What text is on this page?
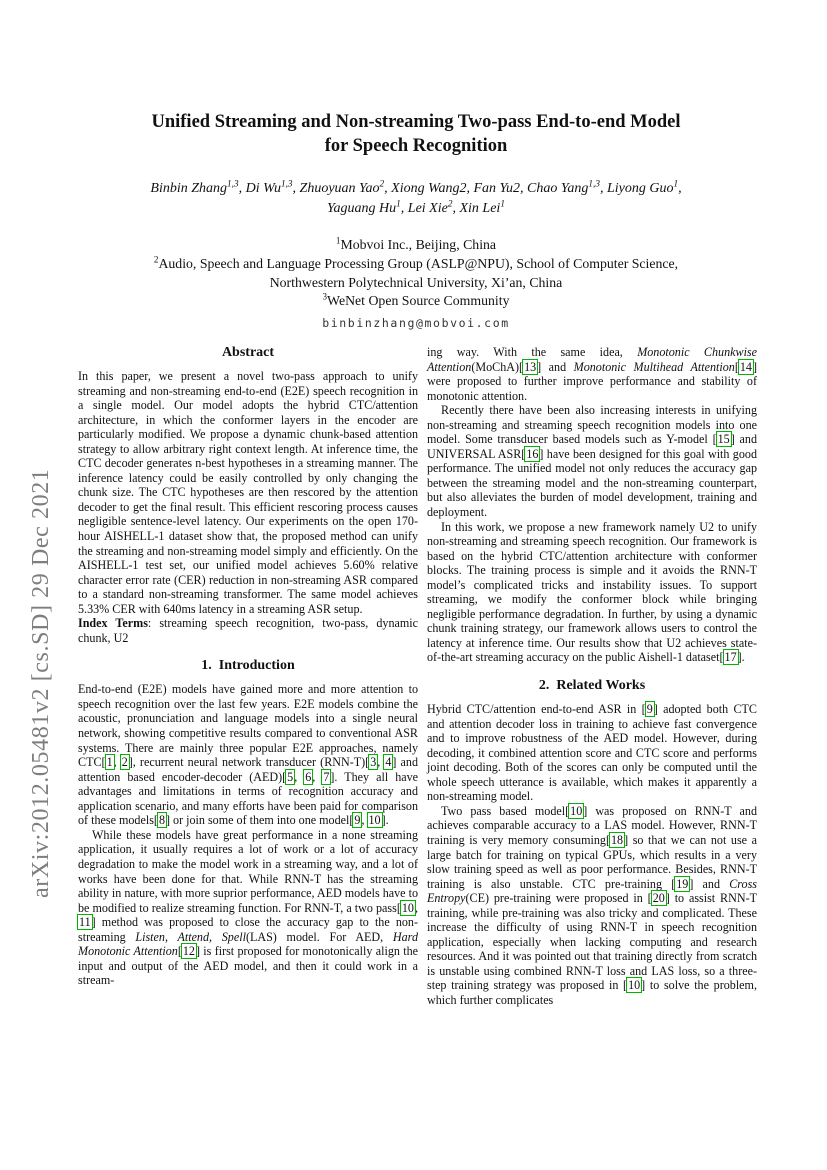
arXiv:2012.05481v2 [cs.SD] 29 Dec 2021
Unified Streaming and Non-streaming Two-pass End-to-end Model
for Speech Recognition
Binbin Zhang$^{1,3}$, Di Wu$^{1,3}$, Zhuoyuan Yao$^2$, Xiong Wang2, Fan Yu2, Chao Yang$^{1,3}$, Liyong Guo$^1$,
Yaguang Hu$^1$, Lei Xie$^2$, Xin Lei$^1$
$^1$Mobvoi Inc., Beijing, China
$^2$Audio, Speech and Language Processing Group (ASLP@NPU), School of Computer Science,
Northwestern Polytechnical University, Xi’an, China
$^3$WeNet Open Source Community
binbinzhang@mobvoi.com
Abstract

In this paper, we present a novel two-pass approach to unify streaming and non-streaming end-to-end (E2E) speech recognition in a single model. Our model adopts the hybrid CTC/attention architecture, in which the conformer layers in the encoder are particularly modified. We propose a dynamic chunk-based attention strategy to allow arbitrary right context length. At inference time, the CTC decoder generates n-best hypotheses in a streaming manner. The inference latency could be easily controlled by only changing the chunk size. The CTC hypotheses are then rescored by the attention decoder to get the final result. This efficient rescoring process causes negligible sentence-level latency. Our experiments on the open 170-hour AISHELL-1 dataset show that, the proposed method can unify the streaming and non-streaming model simply and efficiently. On the AISHELL-1 test set, our unified model achieves 5.60% relative character error rate (CER) reduction in non-streaming ASR compared to a standard non-streaming transformer. The same model achieves 5.33% CER with 640ms latency in a streaming ASR setup.

Index Terms: streaming speech recognition, two-pass, dynamic chunk, U2

1.  Introduction

End-to-end (E2E) models have gained more and more attention to speech recognition over the last few years. E2E models combine the acoustic, pronunciation and language models into a single neural network, showing competitive results compared to conventional ASR systems. There are mainly three popular E2E approaches, namely CTC[1, 2], recurrent neural network transducer (RNN-T)[3, 4] and attention based encoder-decoder (AED)[5, 6, 7]. They all have advantages and limitations in terms of recognition accuracy and application scenario, and many efforts have been paid for comparison of these models[8] or join some of them into one model[9, 10].

While these models have great performance in a none streaming application, it usually requires a lot of work or a lot of accuracy degradation to make the model work in a streaming way, and a lot of works have been done for that. While RNN-T has the streaming ability in nature, with more suprior performance, AED models have to be modified to realize streaming function. For RNN-T, a two pass[10, 11] method was proposed to close the accuracy gap to the non-streaming Listen, Attend, Spell(LAS) model. For AED, Hard Monotonic Attention[12] is first proposed for monotonically align the input and output of the AED model, and then it could work in a stream-

ing way. With the same idea, Monotonic Chunkwise Attention(MoChA)[13] and Monotonic Multihead Attention[14] were proposed to further improve performance and stability of monotonic attention.

Recently there have been also increasing interests in unifying non-streaming and streaming speech recognition models into one model. Some transducer based models such as Y-model [15] and UNIVERSAL ASR[16] have been designed for this goal with good performance. The unified model not only reduces the accuracy gap between the streaming model and the non-streaming counterpart, but also alleviates the burden of model development, training and deployment.

In this work, we propose a new framework namely U2 to unify non-streaming and streaming speech recognition. Our framework is based on the hybrid CTC/attention architecture with conformer blocks. The training process is simple and it avoids the RNN-T model’s complicated tricks and instability issues. To support streaming, we modify the conformer block while bringing negligible performance degradation. In further, by using a dynamic chunk training strategy, our framework allows users to control the latency at inference time. Our results show that U2 achieves state-of-the-art streaming accuracy on the public Aishell-1 dataset[17].

2.  Related Works

Hybrid CTC/attention end-to-end ASR in [9] adopted both CTC and attention decoder loss in training to achieve fast convergence and to improve robustness of the AED model. However, during decoding, it combined attention score and CTC score and performs joint decoding. Both of the scores can only be computed until the whole speech utterance is available, which makes it apparently a non-streaming model.

Two pass based model[10] was proposed on RNN-T and achieves comparable accuracy to a LAS model. However, RNN-T training is very memory consuming[18] so that we can not use a large batch for training on typical GPUs, which results in a very slow training speed as well as poor performance. Besides, RNN-T training is also unstable. CTC pre-training [19] and Cross Entropy(CE) pre-training were proposed in [20] to assist RNN-T training, while pre-training was also tricky and complicated. These increase the difficulty of using RNN-T in speech recognition application, especially when lacking computing and research resources. And it was pointed out that training directly from scratch is unstable using combined RNN-T loss and LAS loss, so a three-step training strategy was proposed in [10] to solve the problem, which further complicates
